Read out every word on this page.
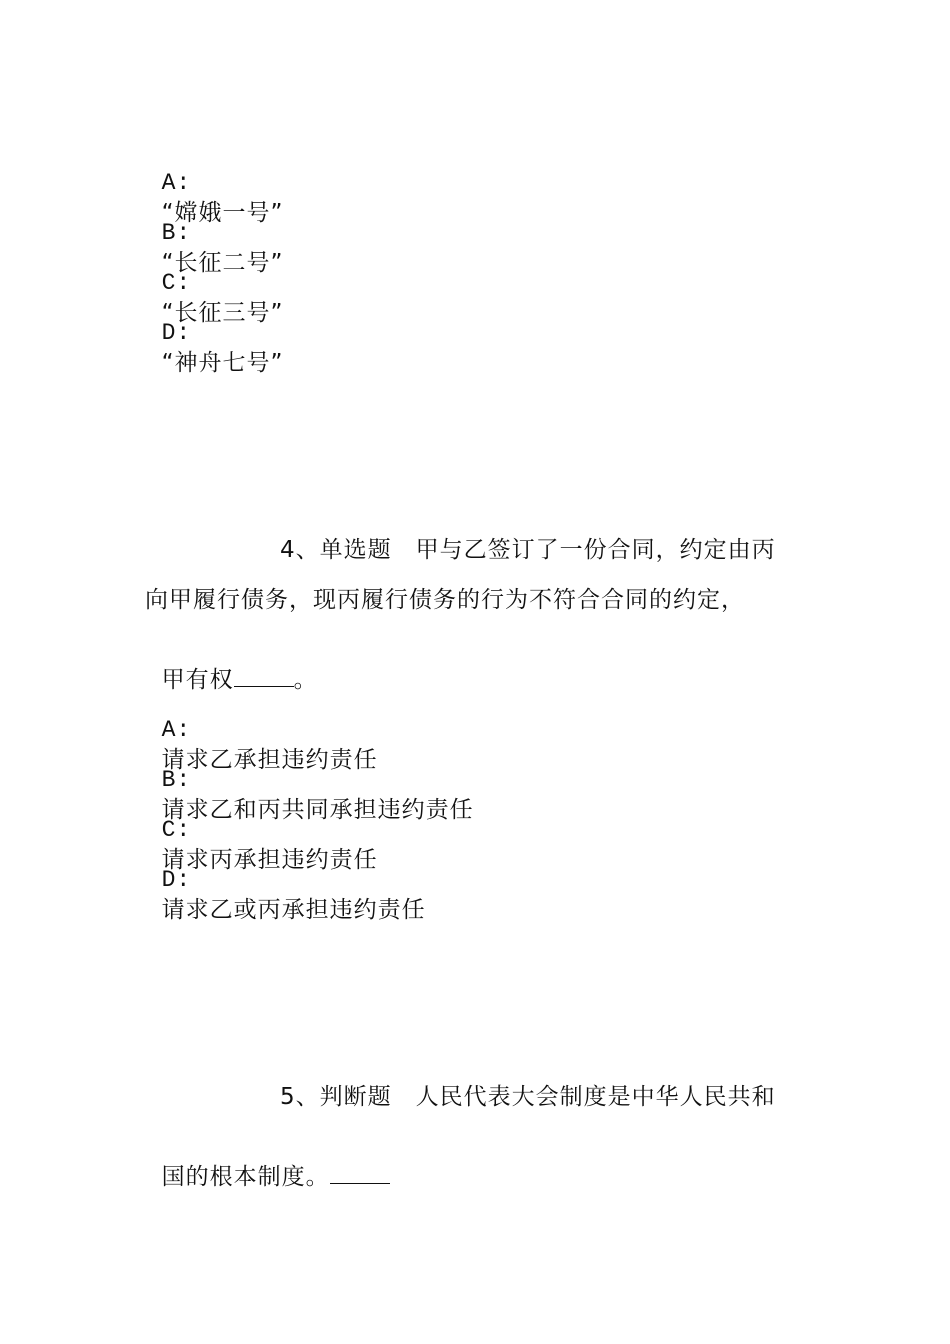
A:
“嫦娥一号”

B:
“长征二号”

C:
“长征三号”

D:
“神舟七号”

4、单选题　甲与乙签订了一份合同，约定由丙
向甲履行债务，现丙履行债务的行为不符合合同的约定，

甲有权	。

A:
请求乙承担违约责任

B:
请求乙和丙共同承担违约责任

C:
请求丙承担违约责任

D:
请求乙或丙承担违约责任

5、判断题　人民代表大会制度是中华人民共和

国的根本制度。
